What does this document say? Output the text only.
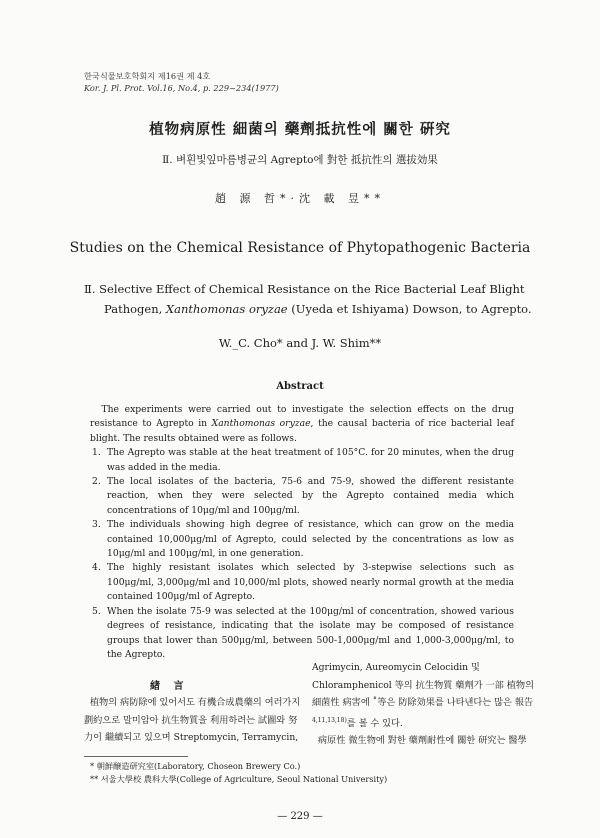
한국식물보호학회지 제16권 제 4호
Kor. J. Pl. Prot. Vol.16, No.4, p. 229~234(1977)
植物病原性 細菌의 藥劑抵抗性에 關한 硏究
Ⅱ. 벼흰빛잎마름병균의 Agrepto에 對한 抵抗性의 選拔効果
趙 源 哲*·沈 載 昱**
Studies on the Chemical Resistance of Phytopathogenic Bacteria
Ⅱ. Selective Effect of Chemical Resistance on the Rice Bacterial Leaf Blight
Pathogen, Xanthomonas oryzae (Uyeda et Ishiyama) Dowson, to Agrepto.
W._C. Cho* and J. W. Shim**
Abstract

The experiments were carried out to investigate the selection effects on the drug resistance to Agrepto in Xanthomonas oryzae, the causal bacteria of rice bacterial leaf blight. The results obtained were as follows.

1. The Agrepto was stable at the heat treatment of 105°C. for 20 minutes, when the drug was added in the media.
2. The local isolates of the bacteria, 75-6 and 75-9, showed the different resistante reaction, when they were selected by the Agrepto contained media which concentrations of 10μg/ml and 100μg/ml.
3. The individuals showing high degree of resistance, which can grow on the media contained 10,000μg/ml of Agrepto, could selected by the concentrations as low as 10μg/ml and 100μg/ml, in one generation.
4. The highly resistant isolates which selected by 3-stepwise selections such as 100μg/ml, 3,000μg/ml and 10,000/ml plots, showed nearly normal growth at the media contained 100μg/ml of Agrepto.
5. When the isolate 75-9 was selected at the 100μg/ml of concentration, showed various degrees of resistance, indicating that the isolate may be composed of resistance groups that lower than 500μg/ml, between 500-1,000μg/ml and 1,000-3,000μg/ml, to the Agrepto.
緖 言

植物의 病防除에 있어서도 有機合成農藥의 여러가지 劃約으로 말미암아 抗生物質을 利用하려는 試圖와 努力이 繼續되고 있으며 Streptomycin, Terramycin,

Agrimycin, Aureomycin Celocidin 및 Chloramphenicol 等의 抗生物質 藥劑가 一部 植物의 細菌性 病害에 ˚等은 防除効果를 나타낸다는 많은 報告$^{4,11,13,18)}$를 볼 수 있다.

病原性 微生物에 對한 藥劑耐性에 關한 研究는 醫學

* 朝鮮醸造研究室(Laboratory, Choseon Brewery Co.)
** 서울大學校 農科大學(College of Agriculture, Seoul National University)
— 229 —
